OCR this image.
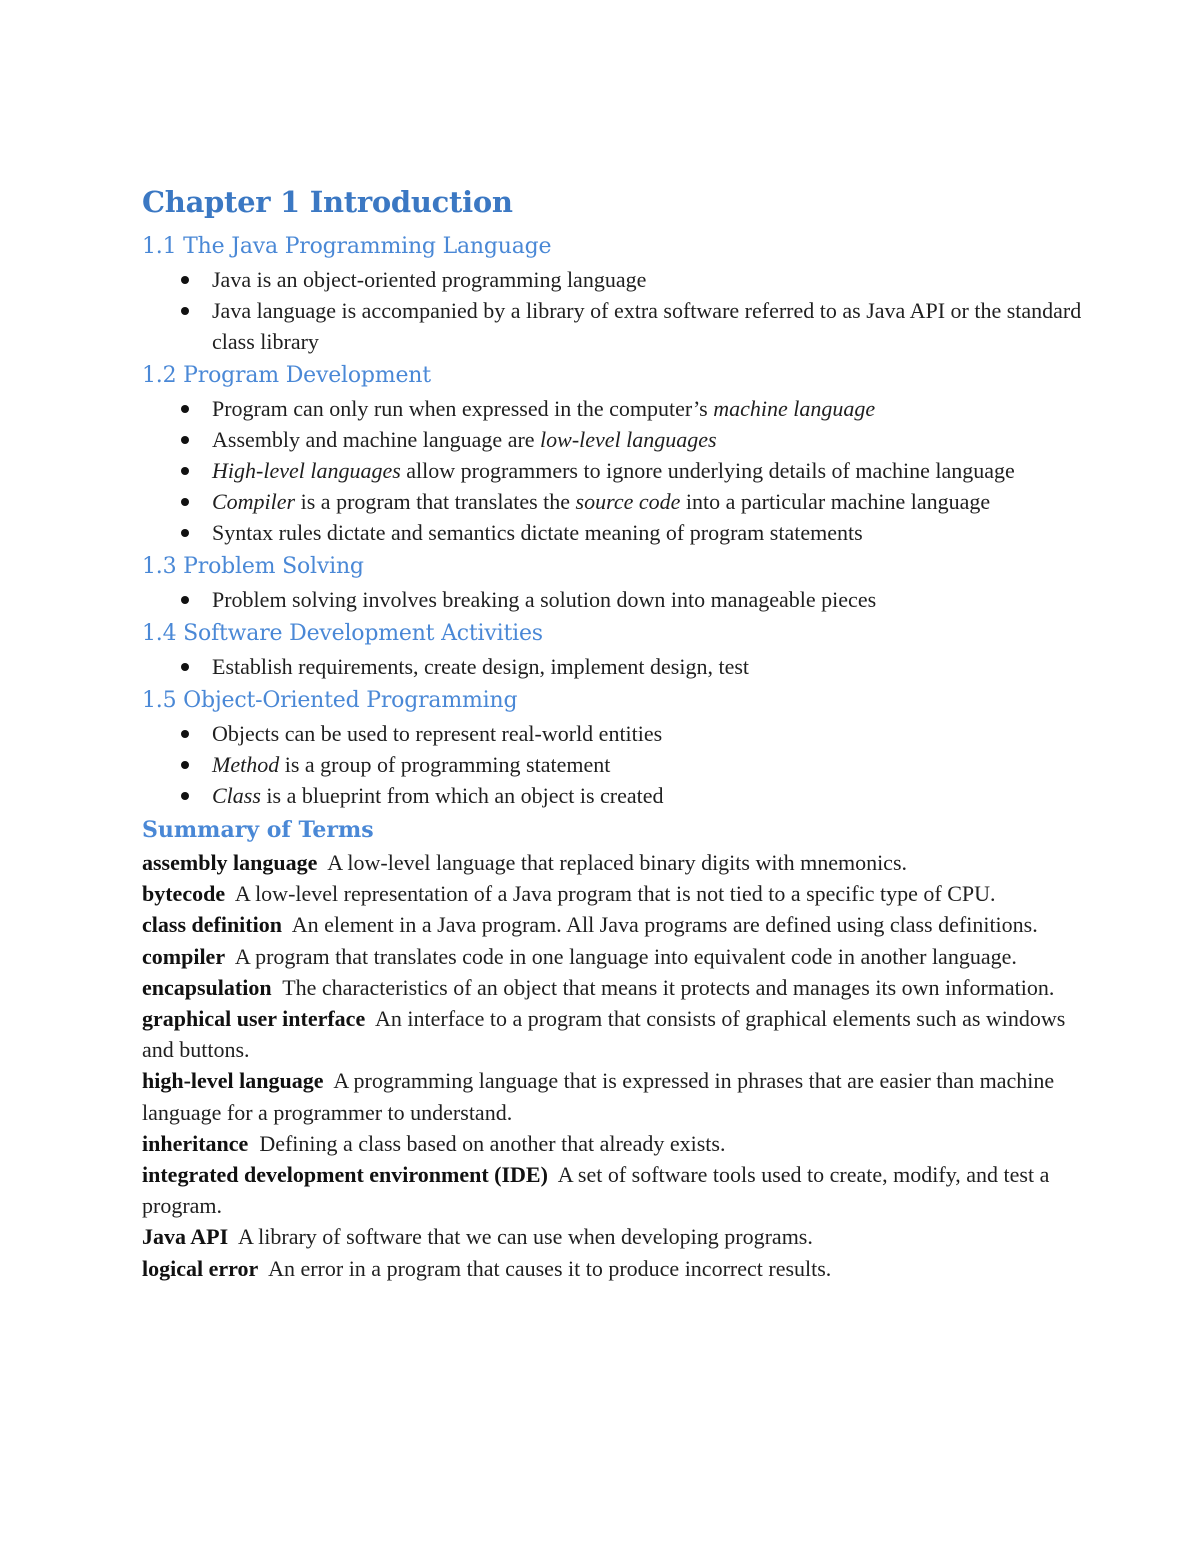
Chapter 1 Introduction
1.1 The Java Programming Language
Java is an object-oriented programming language
Java language is accompanied by a library of extra software referred to as Java API or the standard class library
1.2 Program Development
Program can only run when expressed in the computer’s machine language
Assembly and machine language are low-level languages
High-level languages allow programmers to ignore underlying details of machine language
Compiler is a program that translates the source code into a particular machine language
Syntax rules dictate and semantics dictate meaning of program statements
1.3 Problem Solving
Problem solving involves breaking a solution down into manageable pieces
1.4 Software Development Activities
Establish requirements, create design, implement design, test
1.5 Object-Oriented Programming
Objects can be used to represent real-world entities
Method is a group of programming statement
Class is a blueprint from which an object is created
Summary of Terms

assembly language A low-level language that replaced binary digits with mnemonics.

bytecode A low-level representation of a Java program that is not tied to a specific type of CPU.

class definition An element in a Java program. All Java programs are defined using class definitions.

compiler A program that translates code in one language into equivalent code in another language.

encapsulation The characteristics of an object that means it protects and manages its own information.

graphical user interface An interface to a program that consists of graphical elements such as windows and buttons.

high-level language A programming language that is expressed in phrases that are easier than machine language for a programmer to understand.

inheritance Defining a class based on another that already exists.

integrated development environment (IDE) A set of software tools used to create, modify, and test a program.

Java API A library of software that we can use when developing programs.

logical error An error in a program that causes it to produce incorrect results.
